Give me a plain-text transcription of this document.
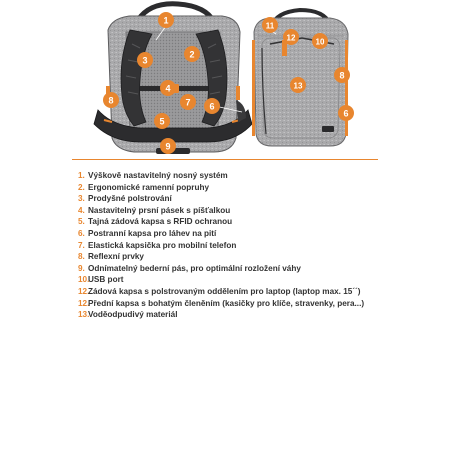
1
2
3
4
5
6
7
8
9
11
12	10
8
13
6
1. Výškově nastavitelný nosný systém
2. Ergonomické ramenní popruhy
3. Prodyšné polstrování
4. Nastavitelný prsní pásek s píšťalkou
5. Tajná zádová kapsa s RFID ochranou
6. Postranní kapsa pro láhev na pití
7. Elastická kapsička pro mobilní telefon
8. Reflexní prvky
9. Odnímatelný bederní pás, pro optimální rozložení váhy
10.
USB port
12.
Zádová kapsa s polstrovaným oddělením pro laptop (laptop max. 15´´)
12.
Přední kapsa s bohatým členěním (kasičky pro klíče, stravenky, pera...)
13.
Voděodpudivý materiál
